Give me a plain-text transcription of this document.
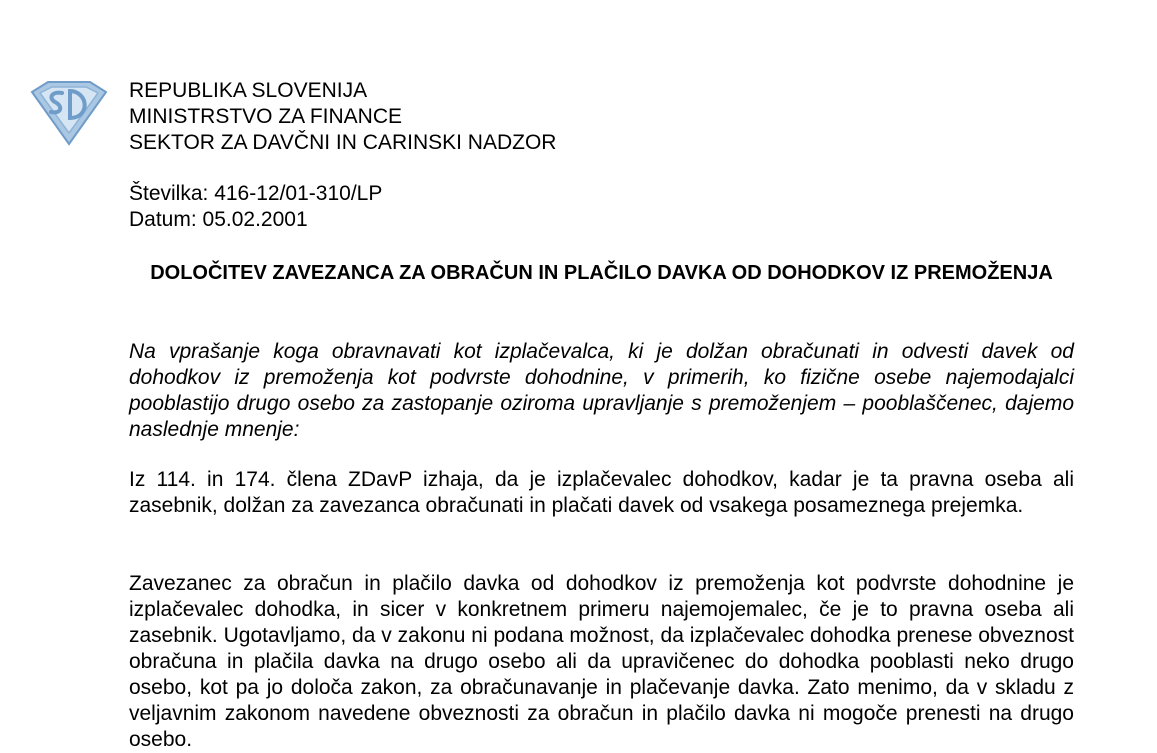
REPUBLIKA SLOVENIJA
MINISTRSTVO ZA FINANCE
SEKTOR ZA DAVČNI IN CARINSKI NADZOR
Številka: 416-12/01-310/LP
Datum: 05.02.2001
DOLOČITEV ZAVEZANCA ZA OBRAČUN IN PLAČILO DAVKA OD DOHODKOV IZ PREMOŽENJA

Na vprašanje koga obravnavati kot izplačevalca, ki je dolžan obračunati in odvesti davek od dohodkov iz premoženja kot podvrste dohodnine, v primerih, ko fizične osebe najemodajalci pooblastijo drugo osebo za zastopanje oziroma upravljanje s premoženjem – pooblaščenec, dajemo naslednje mnenje:

Iz 114. in 174. člena ZDavP izhaja, da je izplačevalec dohodkov, kadar je ta pravna oseba ali zasebnik, dolžan za zavezanca obračunati in plačati davek od vsakega posameznega prejemka.

Zavezanec za obračun in plačilo davka od dohodkov iz premoženja kot podvrste dohodnine je izplačevalec dohodka, in sicer v konkretnem primeru najemojemalec, če je to pravna oseba ali zasebnik. Ugotavljamo, da v zakonu ni podana možnost, da izplačevalec dohodka prenese obveznost obračuna in plačila davka na drugo osebo ali da upravičenec do dohodka pooblasti neko drugo osebo, kot pa jo določa zakon, za obračunavanje in plačevanje davka. Zato menimo, da v skladu z veljavnim zakonom navedene obveznosti za obračun in plačilo davka ni mogoče prenesti na drugo osebo.
